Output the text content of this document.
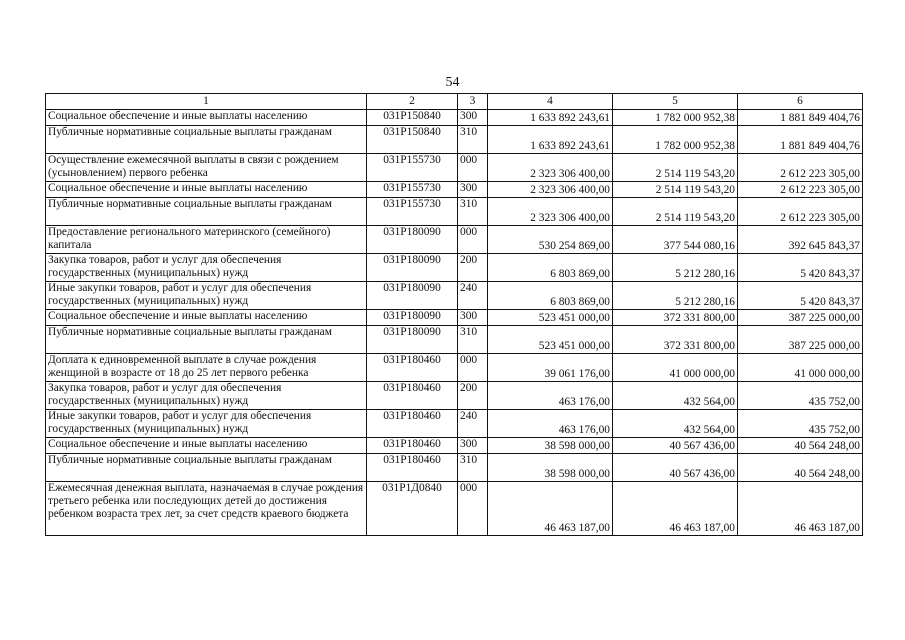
54
1	2	3	4	5	6
Социальное обеспечение и иные выплаты населению	031Р150840	300	1 633 892 243,61	1 782 000 952,38	1 881 849 404,76
Публичные нормативные социальные выплаты гражданам	031Р150840	310	1 633 892 243,61	1 782 000 952,38	1 881 849 404,76
Осуществление ежемесячной выплаты в связи с рождением (усыновлением) первого ребенка	031Р155730	000	2 323 306 400,00	2 514 119 543,20	2 612 223 305,00
Социальное обеспечение и иные выплаты населению	031Р155730	300	2 323 306 400,00	2 514 119 543,20	2 612 223 305,00
Публичные нормативные социальные выплаты гражданам	031Р155730	310	2 323 306 400,00	2 514 119 543,20	2 612 223 305,00
Предоставление регионального материнского (семейного) капитала	031Р180090	000	530 254 869,00	377 544 080,16	392 645 843,37
Закупка товаров, работ и услуг для обеспечения государственных (муниципальных) нужд	031Р180090	200	6 803 869,00	5 212 280,16	5 420 843,37
Иные закупки товаров, работ и услуг для обеспечения государственных (муниципальных) нужд	031Р180090	240	6 803 869,00	5 212 280,16	5 420 843,37
Социальное обеспечение и иные выплаты населению	031Р180090	300	523 451 000,00	372 331 800,00	387 225 000,00
Публичные нормативные социальные выплаты гражданам	031Р180090	310	523 451 000,00	372 331 800,00	387 225 000,00
Доплата к единовременной выплате в случае рождения женщиной в возрасте от 18 до 25 лет первого ребенка	031Р180460	000	39 061 176,00	41 000 000,00	41 000 000,00
Закупка товаров, работ и услуг для обеспечения государственных (муниципальных) нужд	031Р180460	200	463 176,00	432 564,00	435 752,00
Иные закупки товаров, работ и услуг для обеспечения государственных (муниципальных) нужд	031Р180460	240	463 176,00	432 564,00	435 752,00
Социальное обеспечение и иные выплаты населению	031Р180460	300	38 598 000,00	40 567 436,00	40 564 248,00
Публичные нормативные социальные выплаты гражданам	031Р180460	310	38 598 000,00	40 567 436,00	40 564 248,00
Ежемесячная денежная выплата, назначаемая в случае рождения третьего ребенка или последующих детей до достижения ребенком возраста трех лет, за счет средств краевого бюджета	031Р1Д0840	000	46 463 187,00	46 463 187,00	46 463 187,00
